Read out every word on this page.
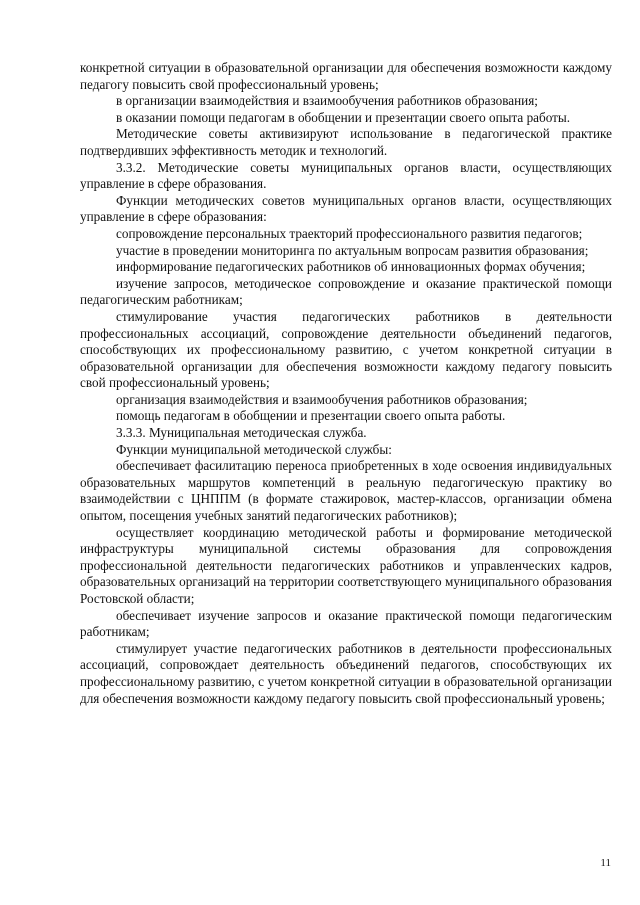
конкретной ситуации в образовательной организации для обеспечения возможности каждому педагогу повысить свой профессиональный уровень;

в организации взаимодействия и взаимообучения работников образования;

в оказании помощи педагогам в обобщении и презентации своего опыта работы.

Методические советы активизируют использование в педагогической практике подтвердивших эффективность методик и технологий.

3.3.2. Методические советы муниципальных органов власти, осуществляющих управление в сфере образования.

Функции методических советов муниципальных органов власти, осуществляющих управление в сфере образования:

сопровождение персональных траекторий профессионального развития педагогов;

участие в проведении мониторинга по актуальным вопросам развития образования;

информирование педагогических работников об инновационных формах обучения;

изучение запросов, методическое сопровождение и оказание практической помощи педагогическим работникам;

стимулирование участия педагогических работников в деятельности профессиональных ассоциаций, сопровождение деятельности объединений педагогов, способствующих их профессиональному развитию, с учетом конкретной ситуации в образовательной организации для обеспечения возможности каждому педагогу повысить свой профессиональный уровень;

организация взаимодействия и взаимообучения работников образования;

помощь педагогам в обобщении и презентации своего опыта работы.

3.3.3. Муниципальная методическая служба.

Функции муниципальной методической службы:

обеспечивает фасилитацию переноса приобретенных в ходе освоения индивидуальных образовательных маршрутов компетенций в реальную педагогическую практику во взаимодействии с ЦНППМ (в формате стажировок, мастер-классов, организации обмена опытом, посещения учебных занятий педагогических работников);

осуществляет координацию методической работы и формирование методической инфраструктуры муниципальной системы образования для сопровождения профессиональной деятельности педагогических работников и управленческих кадров, образовательных организаций на территории соответствующего муниципального образования Ростовской области;

обеспечивает изучение запросов и оказание практической помощи педагогическим работникам;

стимулирует участие педагогических работников в деятельности профессиональных ассоциаций, сопровождает деятельность объединений педагогов, способствующих их профессиональному развитию, с учетом конкретной ситуации в образовательной организации для обеспечения возможности каждому педагогу повысить свой профессиональный уровень;

11
